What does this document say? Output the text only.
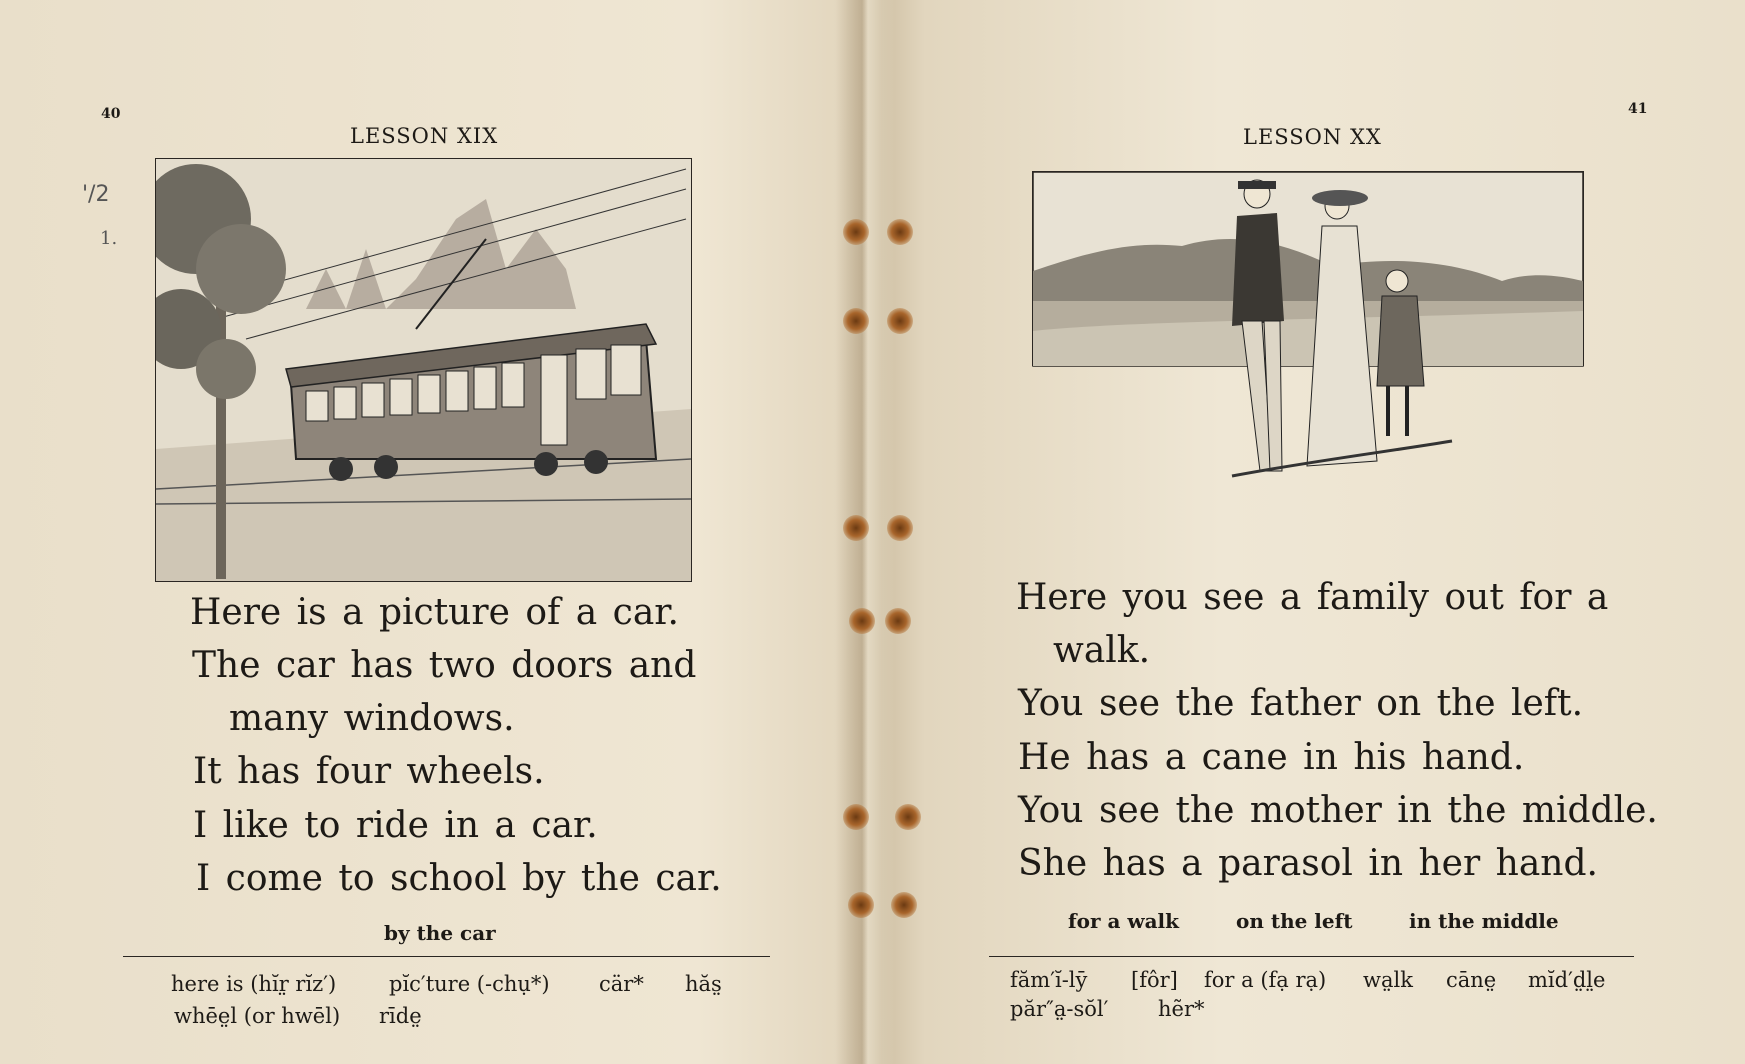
40
'/2
1.
LESSON XIX
Here is a picture of a car.
The car has two doors and
many windows.
It has four wheels.
I like to ride in a car.
I come to school by the car.
by the car
here is (hĭr̤ rĭz′)	pĭc′ture (-chụ*) cär* hăs̤
whēe̤l (or hwēl) rīde̤
41
LESSON XX
Here you see a family out for a
walk.
You see the father on the left.
He has a cane in his hand.
You see the mother in the middle.
She has a parasol in her hand.
for a walk	on the left	in the middle
făm′ĭ-lȳ [fôr] for a (fạ rạ) wa̤lk cāne̤ mĭd′d̤l̤e
păr″a̤-sŏl′ hẽr*
